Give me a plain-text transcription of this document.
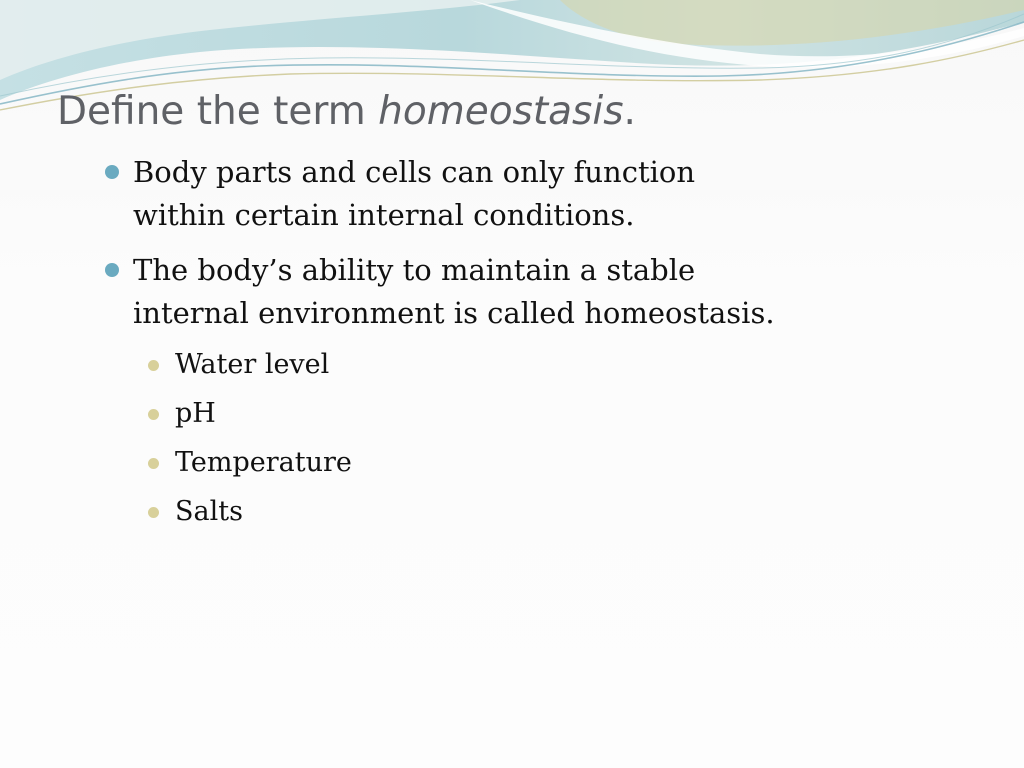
Define the term homeostasis.
Body parts and cells can only function
within certain internal conditions.
The body’s ability to maintain a stable
internal environment is called homeostasis.
Water level
pH
Temperature
Salts
